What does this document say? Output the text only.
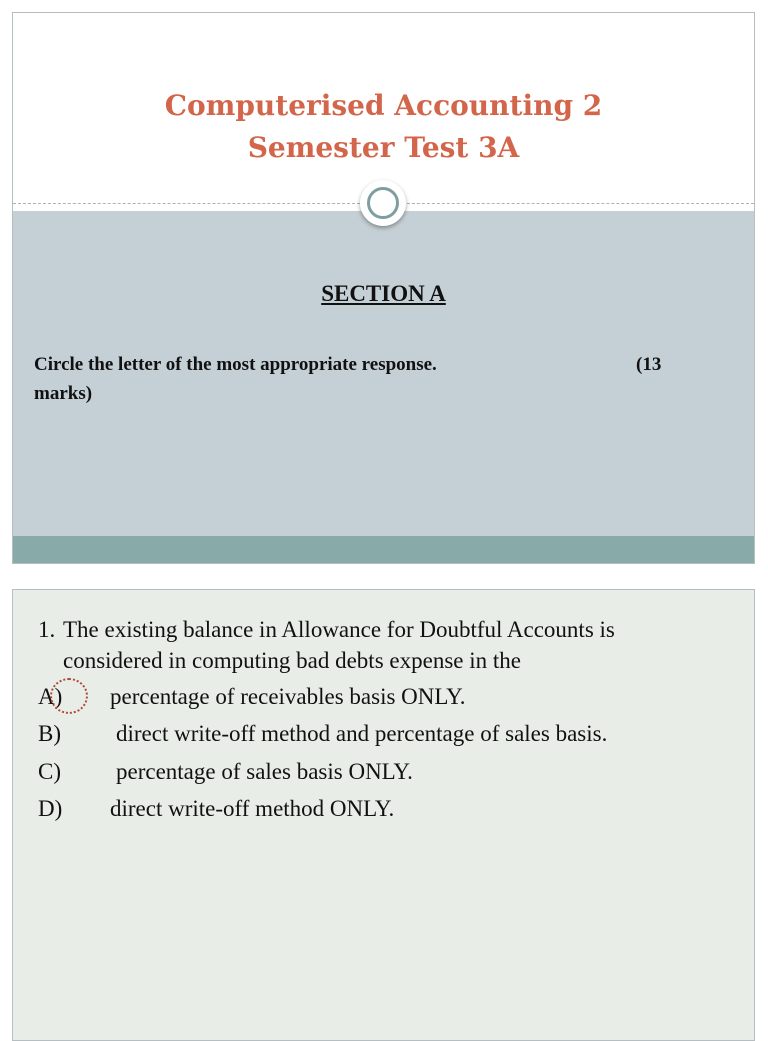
Computerised Accounting 2
Semester Test 3A
SECTION A
Circle the letter of the most appropriate response.
marks)
(13
1. The existing balance in Allowance for Doubtful Accounts is considered in computing bad debts expense in the
A) percentage of receivables basis ONLY.
B) direct write-off method and percentage of sales basis.
C) percentage of sales basis ONLY.
D) direct write-off method ONLY.
